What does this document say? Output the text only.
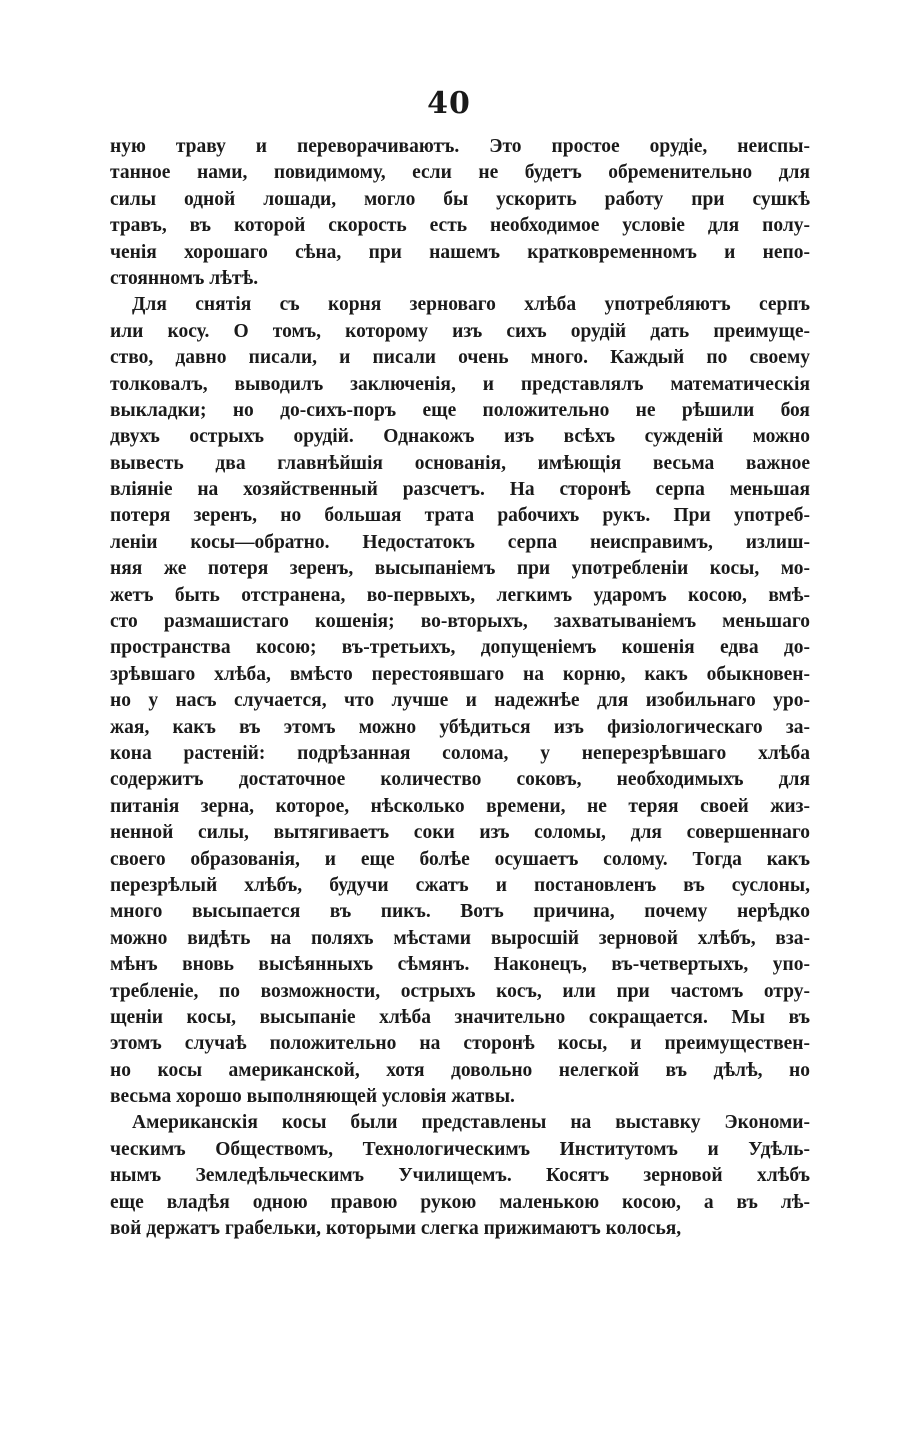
40
ную траву и переворачиваютъ. Это простое орудіе, неиспы-
танное нами, повидимому, если не будетъ обременительно для
силы одной лошади, могло бы ускорить работу при сушкѣ
травъ, въ которой скорость есть необходимое условіе для полу-
ченія хорошаго сѣна, при нашемъ кратковременномъ и непо-
стоянномъ лѣтѣ.
Для снятія съ корня зерноваго хлѣба употребляютъ серпъ
или косу. О томъ, которому изъ сихъ орудій дать преимуще-
ство, давно писали, и писали очень много. Каждый по своему
толковалъ, выводилъ заключенія, и представлялъ математическія
выкладки; но до-сихъ-поръ еще положительно не рѣшили боя
двухъ острыхъ орудій. Однакожъ изъ всѣхъ сужденій можно
вывесть два главнѣйшія основанія, имѣющія весьма важное
вліяніе на хозяйственный разсчетъ. На сторонѣ серпа меньшая
потеря зеренъ, но большая трата рабочихъ рукъ. При употреб-
леніи косы—обратно. Недостатокъ серпа неисправимъ, излиш-
няя же потеря зеренъ, высыпаніемъ при употребленіи косы, мо-
жетъ быть отстранена, во-первыхъ, легкимъ ударомъ косою, вмѣ-
сто размашистаго кошенія; во-вторыхъ, захватываніемъ меньшаго
пространства косою; въ-третьихъ, допущеніемъ кошенія едва до-
зрѣвшаго хлѣба, вмѣсто перестоявшаго на корню, какъ обыкновен-
но у насъ случается, что лучше и надежнѣе для изобильнаго уро-
жая, какъ въ этомъ можно убѣдиться изъ физіологическаго за-
кона растеній: подрѣзанная солома, у неперезрѣвшаго хлѣба
содержитъ достаточное количество соковъ, необходимыхъ для
питанія зерна, которое, нѣсколько времени, не теряя своей жиз-
ненной силы, вытягиваетъ соки изъ соломы, для совершеннаго
своего образованія, и еще болѣе осушаетъ солому. Тогда какъ
перезрѣлый хлѣбъ, будучи сжатъ и постановленъ въ суслоны,
много высыпается въ пикъ. Вотъ причина, почему нерѣдко
можно видѣть на поляхъ мѣстами выросшій зерновой хлѣбъ, вза-
мѣнъ вновь высѣянныхъ сѣмянъ. Наконецъ, въ-четвертыхъ, упо-
требленіе, по возможности, острыхъ косъ, или при частомъ отру-
щеніи косы, высыпаніе хлѣба значительно сокращается. Мы въ
этомъ случаѣ положительно на сторонѣ косы, и преимуществен-
но косы американской, хотя довольно нелегкой въ дѣлѣ, но
весьма хорошо выполняющей условія жатвы.
Американскія косы были представлены на выставку Экономи-
ческимъ Обществомъ, Технологическимъ Институтомъ и Удѣль-
нымъ Земледѣльческимъ Училищемъ. Косятъ зерновой хлѣбъ
еще владѣя одною правою рукою маленькою косою, а въ лѣ-
вой держатъ грабельки, которыми слегка прижимаютъ колосья,
